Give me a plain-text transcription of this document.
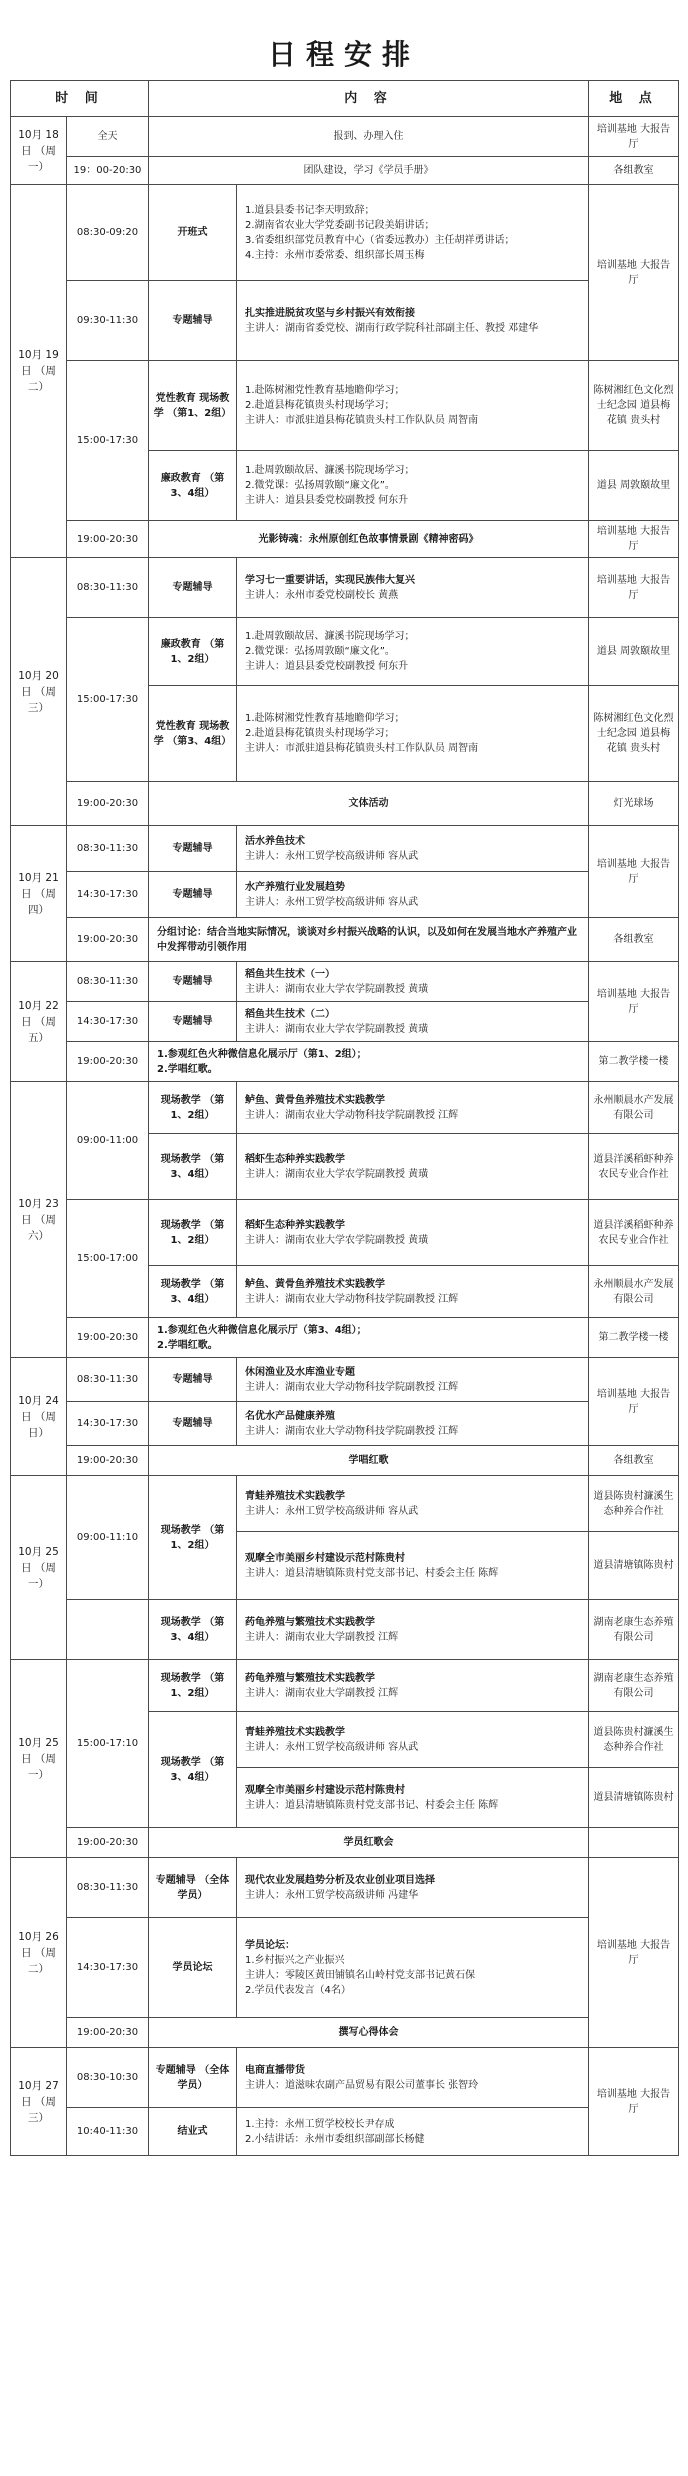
日程安排
时 间		内 容		地 点
10月 18日 （周一）	全天	报到、办理入住		培训基地 大报告厅
	19：00-20:30	团队建设，学习《学员手册》		各组教室
10月 19日 （周二）	08:30-09:20	开班式	1.道县县委书记李天明致辞；
2.湖南省农业大学党委副书记段美娟讲话；
3.省委组织部党员教育中心（省委远教办）主任胡祥勇讲话；
4.主持：永州市委常委、组织部长周玉梅	培训基地 大报告厅
	09:30-11:30	专题辅导	扎实推进脱贫攻坚与乡村振兴有效衔接
主讲人：湖南省委党校、湖南行政学院科社部副主任、教授 邓建华	

	15:00-17:30	党性教育 现场教学 （第1、2组）	1.赴陈树湘党性教育基地瞻仰学习；
2.赴道县梅花镇贵头村现场学习；
主讲人：市派驻道县梅花镇贵头村工作队队员 周智南	陈树湘红色文化烈士纪念园 道县梅花镇 贵头村
		廉政教育 （第3、4组）	1.赴周敦颐故居、濂溪书院现场学习；
2.微党课：弘扬周敦颐“廉文化”。
主讲人：道县县委党校副教授 何东升	道县 周敦颐故里
	19:00-20:30	光影铸魂：永州原创红色故事情景剧《精神密码》		培训基地 大报告厅
10月 20日 （周三）	08:30-11:30	专题辅导	学习七一重要讲话，实现民族伟大复兴
主讲人：永州市委党校副校长 黄燕	培训基地 大报告厅
	15:00-17:30	廉政教育 （第1、2组）	1.赴周敦颐故居、濂溪书院现场学习；
2.微党课：弘扬周敦颐“廉文化”。
主讲人：道县县委党校副教授 何东升	道县 周敦颐故里
		党性教育 现场教学 （第3、4组）	1.赴陈树湘党性教育基地瞻仰学习；
2.赴道县梅花镇贵头村现场学习；
主讲人：市派驻道县梅花镇贵头村工作队队员 周智南	陈树湘红色文化烈士纪念园 道县梅花镇 贵头村
	19:00-20:30	文体活动		灯光球场
10月 21日 （周四）	08:30-11:30	专题辅导	活水养鱼技术
主讲人：永州工贸学校高级讲师 容从武	培训基地 大报告厅
	14:30-17:30	专题辅导	水产养殖行业发展趋势
主讲人：永州工贸学校高级讲师 容从武	

	19:00-20:30	分组讨论：结合当地实际情况，谈谈对乡村振兴战略的认识，以及如何在发展当地水产养殖产业中发挥带动引领作用		各组教室
10月 22日 （周五）	08:30-11:30	专题辅导	稻鱼共生技术（一）
主讲人：湖南农业大学农学院副教授 黄璜	培训基地 大报告厅
	14:30-17:30	专题辅导	稻鱼共生技术（二）
主讲人：湖南农业大学农学院副教授 黄璜	

	19:00-20:30	1.参观红色火种微信息化展示厅（第1、2组）；
2.学唱红歌。		第二教学楼一楼
10月 23日 （周六）	09:00-11:00	现场教学 （第1、2组）	鲈鱼、黄骨鱼养殖技术实践教学
主讲人：湖南农业大学动物科技学院副教授 江辉	永州顺晨水产发展有限公司
		现场教学 （第3、4组）	稻虾生态种养实践教学
主讲人：湖南农业大学农学院副教授 黄璜	道县洋溪稻虾种养农民专业合作社
	15:00-17:00	现场教学 （第1、2组）	稻虾生态种养实践教学
主讲人：湖南农业大学农学院副教授 黄璜	道县洋溪稻虾种养农民专业合作社
		现场教学 （第3、4组）	鲈鱼、黄骨鱼养殖技术实践教学
主讲人：湖南农业大学动物科技学院副教授 江辉	永州顺晨水产发展有限公司
	19:00-20:30	1.参观红色火种微信息化展示厅（第3、4组）；
2.学唱红歌。		第二教学楼一楼
10月 24日 （周日）	08:30-11:30	专题辅导	休闲渔业及水库渔业专题
主讲人：湖南农业大学动物科技学院副教授 江辉	培训基地 大报告厅
	14:30-17:30	专题辅导	名优水产品健康养殖
主讲人：湖南农业大学动物科技学院副教授 江辉	

	19:00-20:30	学唱红歌		各组教室
10月 25日 （周一）	09:00-11:10	现场教学 （第1、2组）	青蛙养殖技术实践教学
主讲人：永州工贸学校高级讲师 容从武	道县陈贵村濂溪生态种养合作社

			观摩全市美丽乡村建设示范村陈贵村
主讲人：道县清塘镇陈贵村党支部书记、村委会主任 陈辉	道县清塘镇陈贵村
		现场教学 （第3、4组）	药龟养殖与繁殖技术实践教学
主讲人：湖南农业大学副教授 江辉	湖南老康生态养殖有限公司
10月 25日 （周一）	15:00-17:10	现场教学 （第1、2组）	药龟养殖与繁殖技术实践教学
主讲人：湖南农业大学副教授 江辉	湖南老康生态养殖有限公司
		现场教学 （第3、4组）	青蛙养殖技术实践教学
主讲人：永州工贸学校高级讲师 容从武	道县陈贵村濂溪生态种养合作社

			观摩全市美丽乡村建设示范村陈贵村
主讲人：道县清塘镇陈贵村党支部书记、村委会主任 陈辉	道县清塘镇陈贵村
	19:00-20:30	学员红歌会		
10月 26日 （周二）	08:30-11:30	专题辅导 （全体学员）	现代农业发展趋势分析及农业创业项目选择
主讲人：永州工贸学校高级讲师 冯建华	培训基地 大报告厅
	14:30-17:30	学员论坛	学员论坛：
1.乡村振兴之产业振兴
主讲人：零陵区黄田铺镇名山岭村党支部书记黄石保
2.学员代表发言（4名）	

	19:00-20:30	撰写心得体会		
10月 27日 （周三）	08:30-10:30	专题辅导 （全体学员）	电商直播带货
主讲人：道滋味农副产品贸易有限公司董事长 张智玲	培训基地 大报告厅
	10:40-11:30	结业式	1.主持：永州工贸学校校长尹存成
2.小结讲话：永州市委组织部副部长杨健	
